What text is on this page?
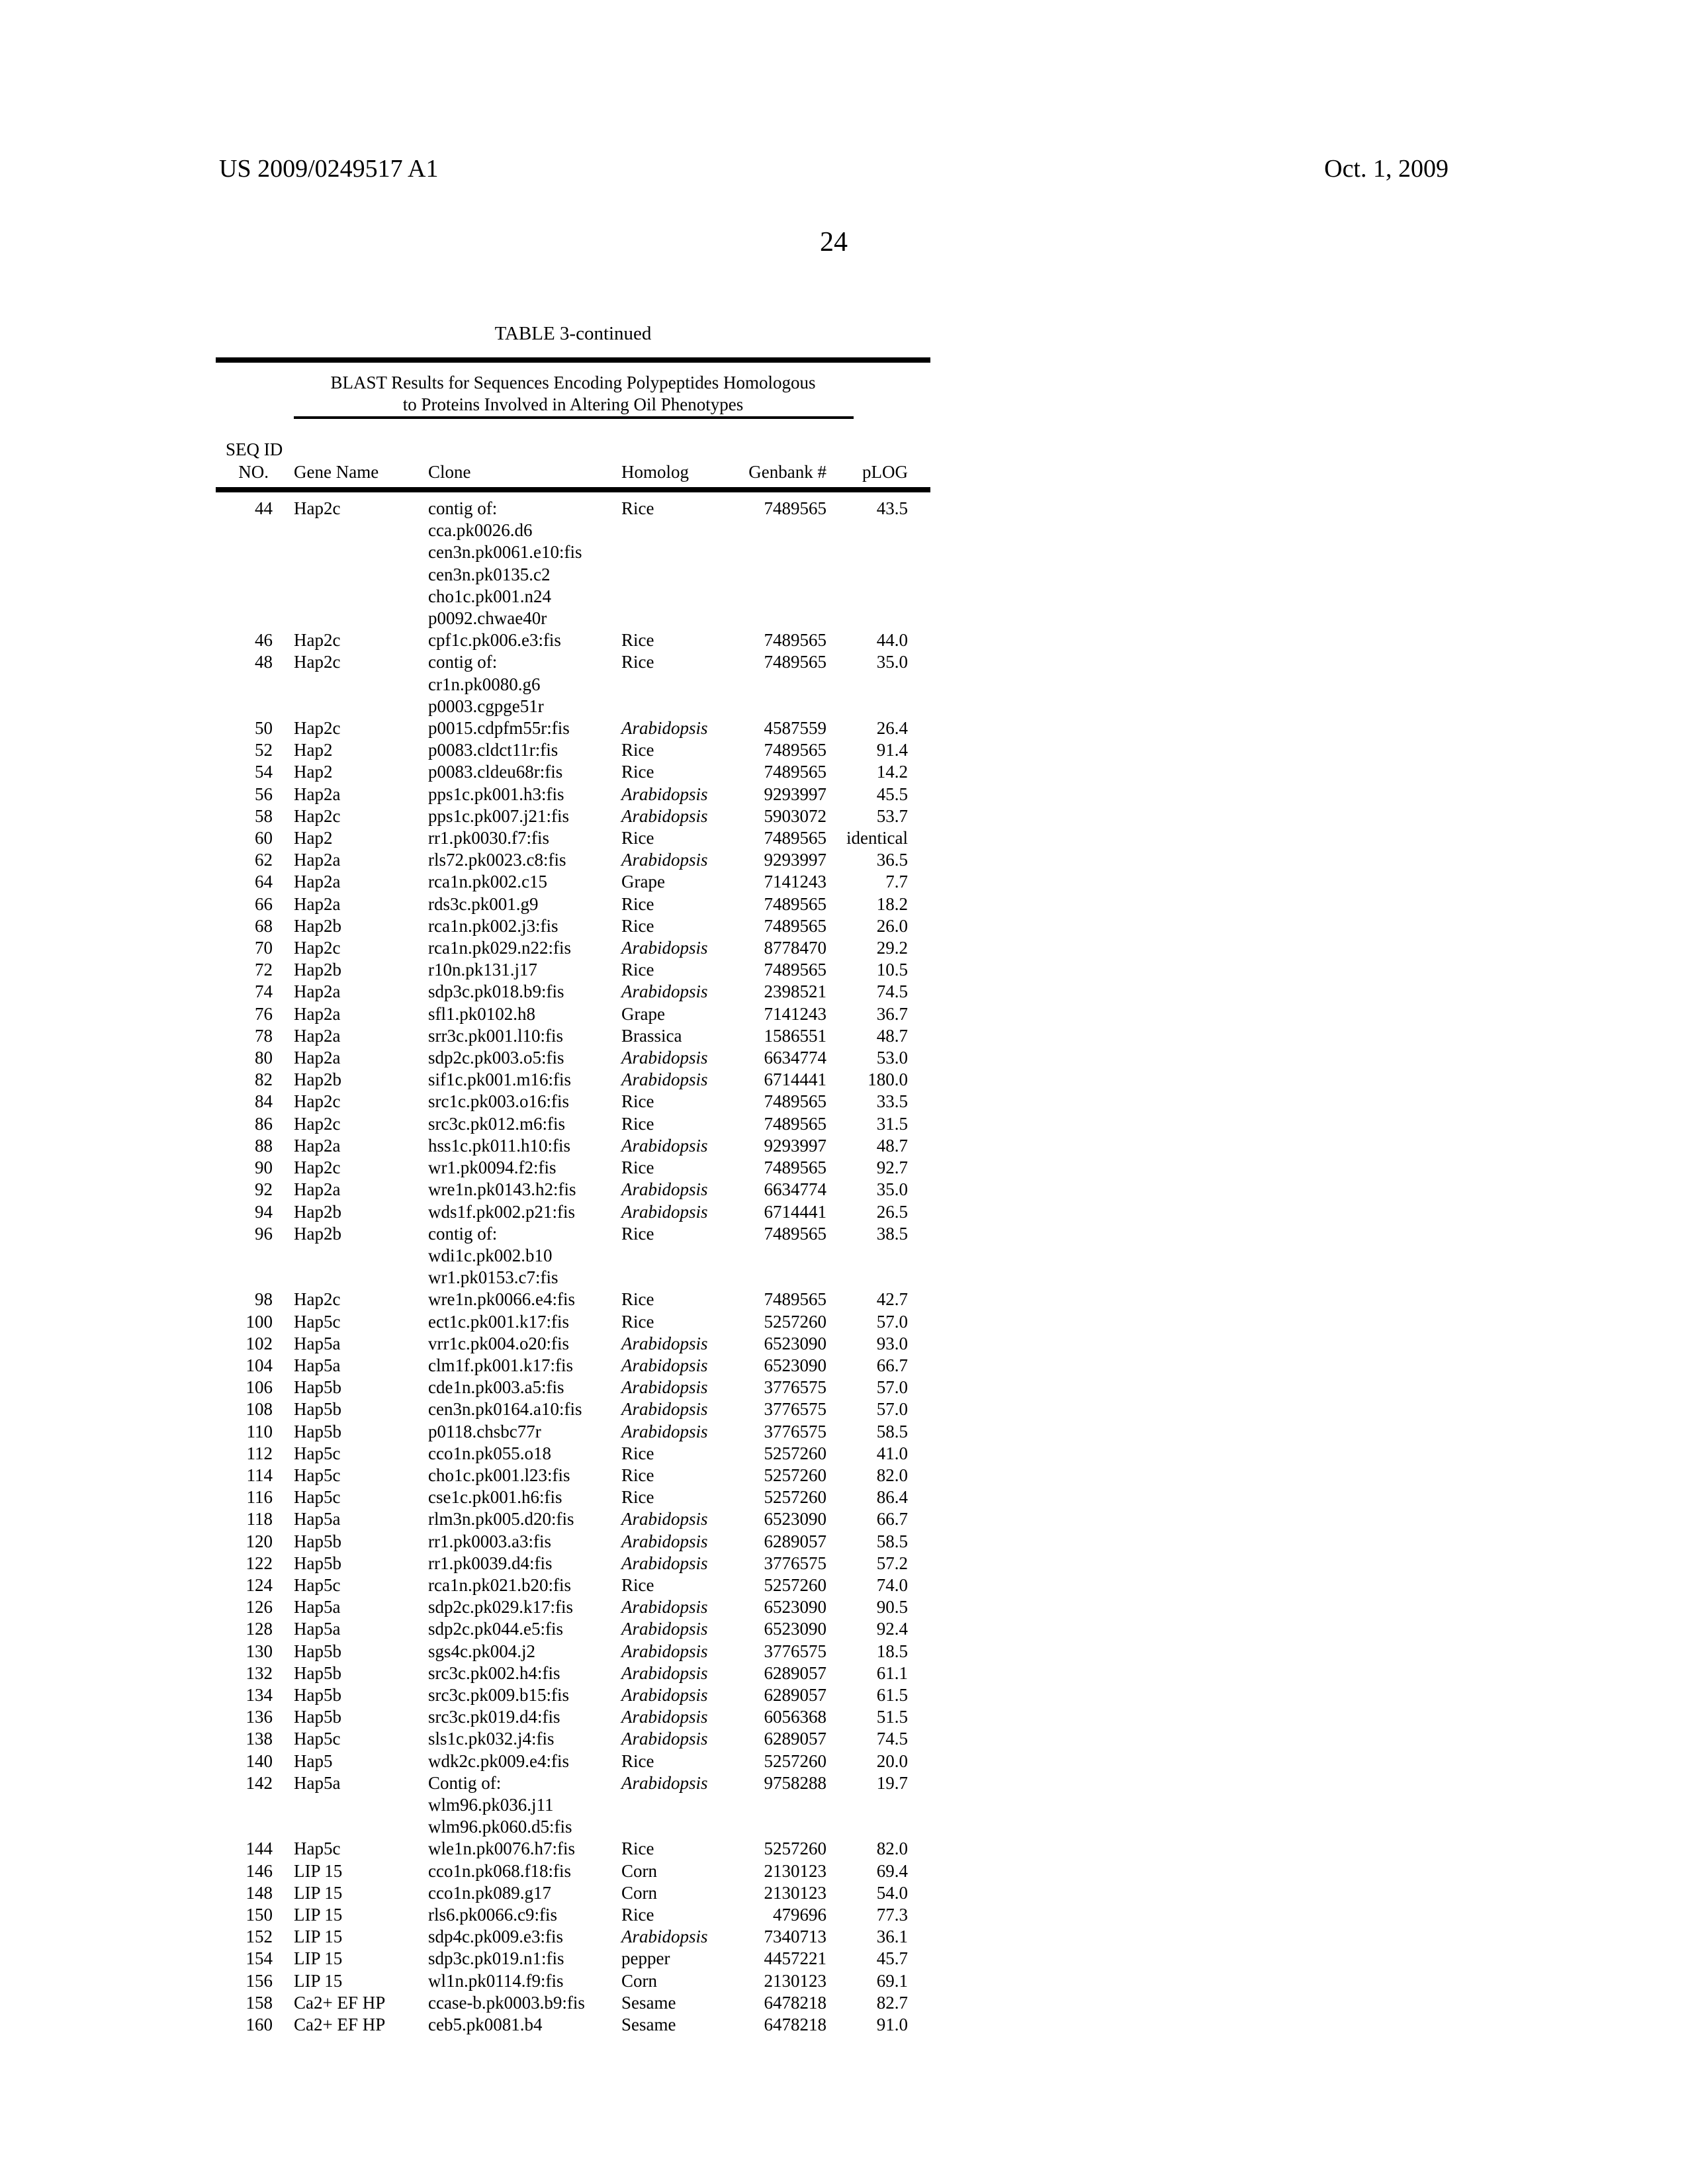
US 2009/0249517 A1	Oct. 1, 2009
24
TABLE 3-continued
BLAST Results for Sequences Encoding Polypeptides Homologous
to Proteins Involved in Altering Oil Phenotypes
SEQ ID
NO.	Gene Name	Clone	Homolog	Genbank #	pLOG
44	Hap2c	contig of:
cca.pk0026.d6
cen3n.pk0061.e10:fis
cen3n.pk0135.c2
cho1c.pk001.n24
p0092.chwae40r
Rice	7489565	43.5
46	Hap2c	cpf1c.pk006.e3:fis	Rice	7489565	44.0
48	Hap2c	contig of:
cr1n.pk0080.g6
p0003.cgpge51r
Rice	7489565	35.0
50	Hap2c	p0015.cdpfm55r:fis	Arabidopsis	4587559	26.4
52	Hap2	p0083.cldct11r:fis	Rice	7489565	91.4
54	Hap2	p0083.cldeu68r:fis	Rice	7489565	14.2
56	Hap2a	pps1c.pk001.h3:fis	Arabidopsis	9293997	45.5
58	Hap2c	pps1c.pk007.j21:fis	Arabidopsis	5903072	53.7
60	Hap2	rr1.pk0030.f7:fis	Rice	7489565	identical
62	Hap2a	rls72.pk0023.c8:fis	Arabidopsis	9293997	36.5
64	Hap2a	rca1n.pk002.c15	Grape	7141243	7.7
66	Hap2a	rds3c.pk001.g9	Rice	7489565	18.2
68	Hap2b	rca1n.pk002.j3:fis	Rice	7489565	26.0
70	Hap2c	rca1n.pk029.n22:fis	Arabidopsis	8778470	29.2
72	Hap2b	r10n.pk131.j17	Rice	7489565	10.5
74	Hap2a	sdp3c.pk018.b9:fis	Arabidopsis	2398521	74.5
76	Hap2a	sfl1.pk0102.h8	Grape	7141243	36.7
78	Hap2a	srr3c.pk001.l10:fis	Brassica	1586551	48.7
80	Hap2a	sdp2c.pk003.o5:fis	Arabidopsis	6634774	53.0
82	Hap2b	sif1c.pk001.m16:fis	Arabidopsis	6714441	180.0
84	Hap2c	src1c.pk003.o16:fis	Rice	7489565	33.5
86	Hap2c	src3c.pk012.m6:fis	Rice	7489565	31.5
88	Hap2a	hss1c.pk011.h10:fis	Arabidopsis	9293997	48.7
90	Hap2c	wr1.pk0094.f2:fis	Rice	7489565	92.7
92	Hap2a	wre1n.pk0143.h2:fis	Arabidopsis	6634774	35.0
94	Hap2b	wds1f.pk002.p21:fis	Arabidopsis	6714441	26.5
96	Hap2b	contig of:
wdi1c.pk002.b10
wr1.pk0153.c7:fis
Rice	7489565	38.5
98	Hap2c	wre1n.pk0066.e4:fis	Rice	7489565	42.7
100	Hap5c	ect1c.pk001.k17:fis	Rice	5257260	57.0
102	Hap5a	vrr1c.pk004.o20:fis	Arabidopsis	6523090	93.0
104	Hap5a	clm1f.pk001.k17:fis	Arabidopsis	6523090	66.7
106	Hap5b	cde1n.pk003.a5:fis	Arabidopsis	3776575	57.0
108	Hap5b	cen3n.pk0164.a10:fis	Arabidopsis	3776575	57.0
110	Hap5b	p0118.chsbc77r	Arabidopsis	3776575	58.5
112	Hap5c	cco1n.pk055.o18	Rice	5257260	41.0
114	Hap5c	cho1c.pk001.l23:fis	Rice	5257260	82.0
116	Hap5c	cse1c.pk001.h6:fis	Rice	5257260	86.4
118	Hap5a	rlm3n.pk005.d20:fis	Arabidopsis	6523090	66.7
120	Hap5b	rr1.pk0003.a3:fis	Arabidopsis	6289057	58.5
122	Hap5b	rr1.pk0039.d4:fis	Arabidopsis	3776575	57.2
124	Hap5c	rca1n.pk021.b20:fis	Rice	5257260	74.0
126	Hap5a	sdp2c.pk029.k17:fis	Arabidopsis	6523090	90.5
128	Hap5a	sdp2c.pk044.e5:fis	Arabidopsis	6523090	92.4
130	Hap5b	sgs4c.pk004.j2	Arabidopsis	3776575	18.5
132	Hap5b	src3c.pk002.h4:fis	Arabidopsis	6289057	61.1
134	Hap5b	src3c.pk009.b15:fis	Arabidopsis	6289057	61.5
136	Hap5b	src3c.pk019.d4:fis	Arabidopsis	6056368	51.5
138	Hap5c	sls1c.pk032.j4:fis	Arabidopsis	6289057	74.5
140	Hap5	wdk2c.pk009.e4:fis	Rice	5257260	20.0
142	Hap5a	Contig of:
wlm96.pk036.j11
wlm96.pk060.d5:fis
Arabidopsis	9758288	19.7
144	Hap5c	wle1n.pk0076.h7:fis	Rice	5257260	82.0
146	LIP 15	cco1n.pk068.f18:fis	Corn	2130123	69.4
148	LIP 15	cco1n.pk089.g17	Corn	2130123	54.0
150	LIP 15	rls6.pk0066.c9:fis	Rice	479696	77.3
152	LIP 15	sdp4c.pk009.e3:fis	Arabidopsis	7340713	36.1
154	LIP 15	sdp3c.pk019.n1:fis	pepper	4457221	45.7
156	LIP 15	wl1n.pk0114.f9:fis	Corn	2130123	69.1
158	Ca2+ EF HP	ccase-b.pk0003.b9:fis	Sesame	6478218	82.7
160	Ca2+ EF HP	ceb5.pk0081.b4	Sesame	6478218	91.0
